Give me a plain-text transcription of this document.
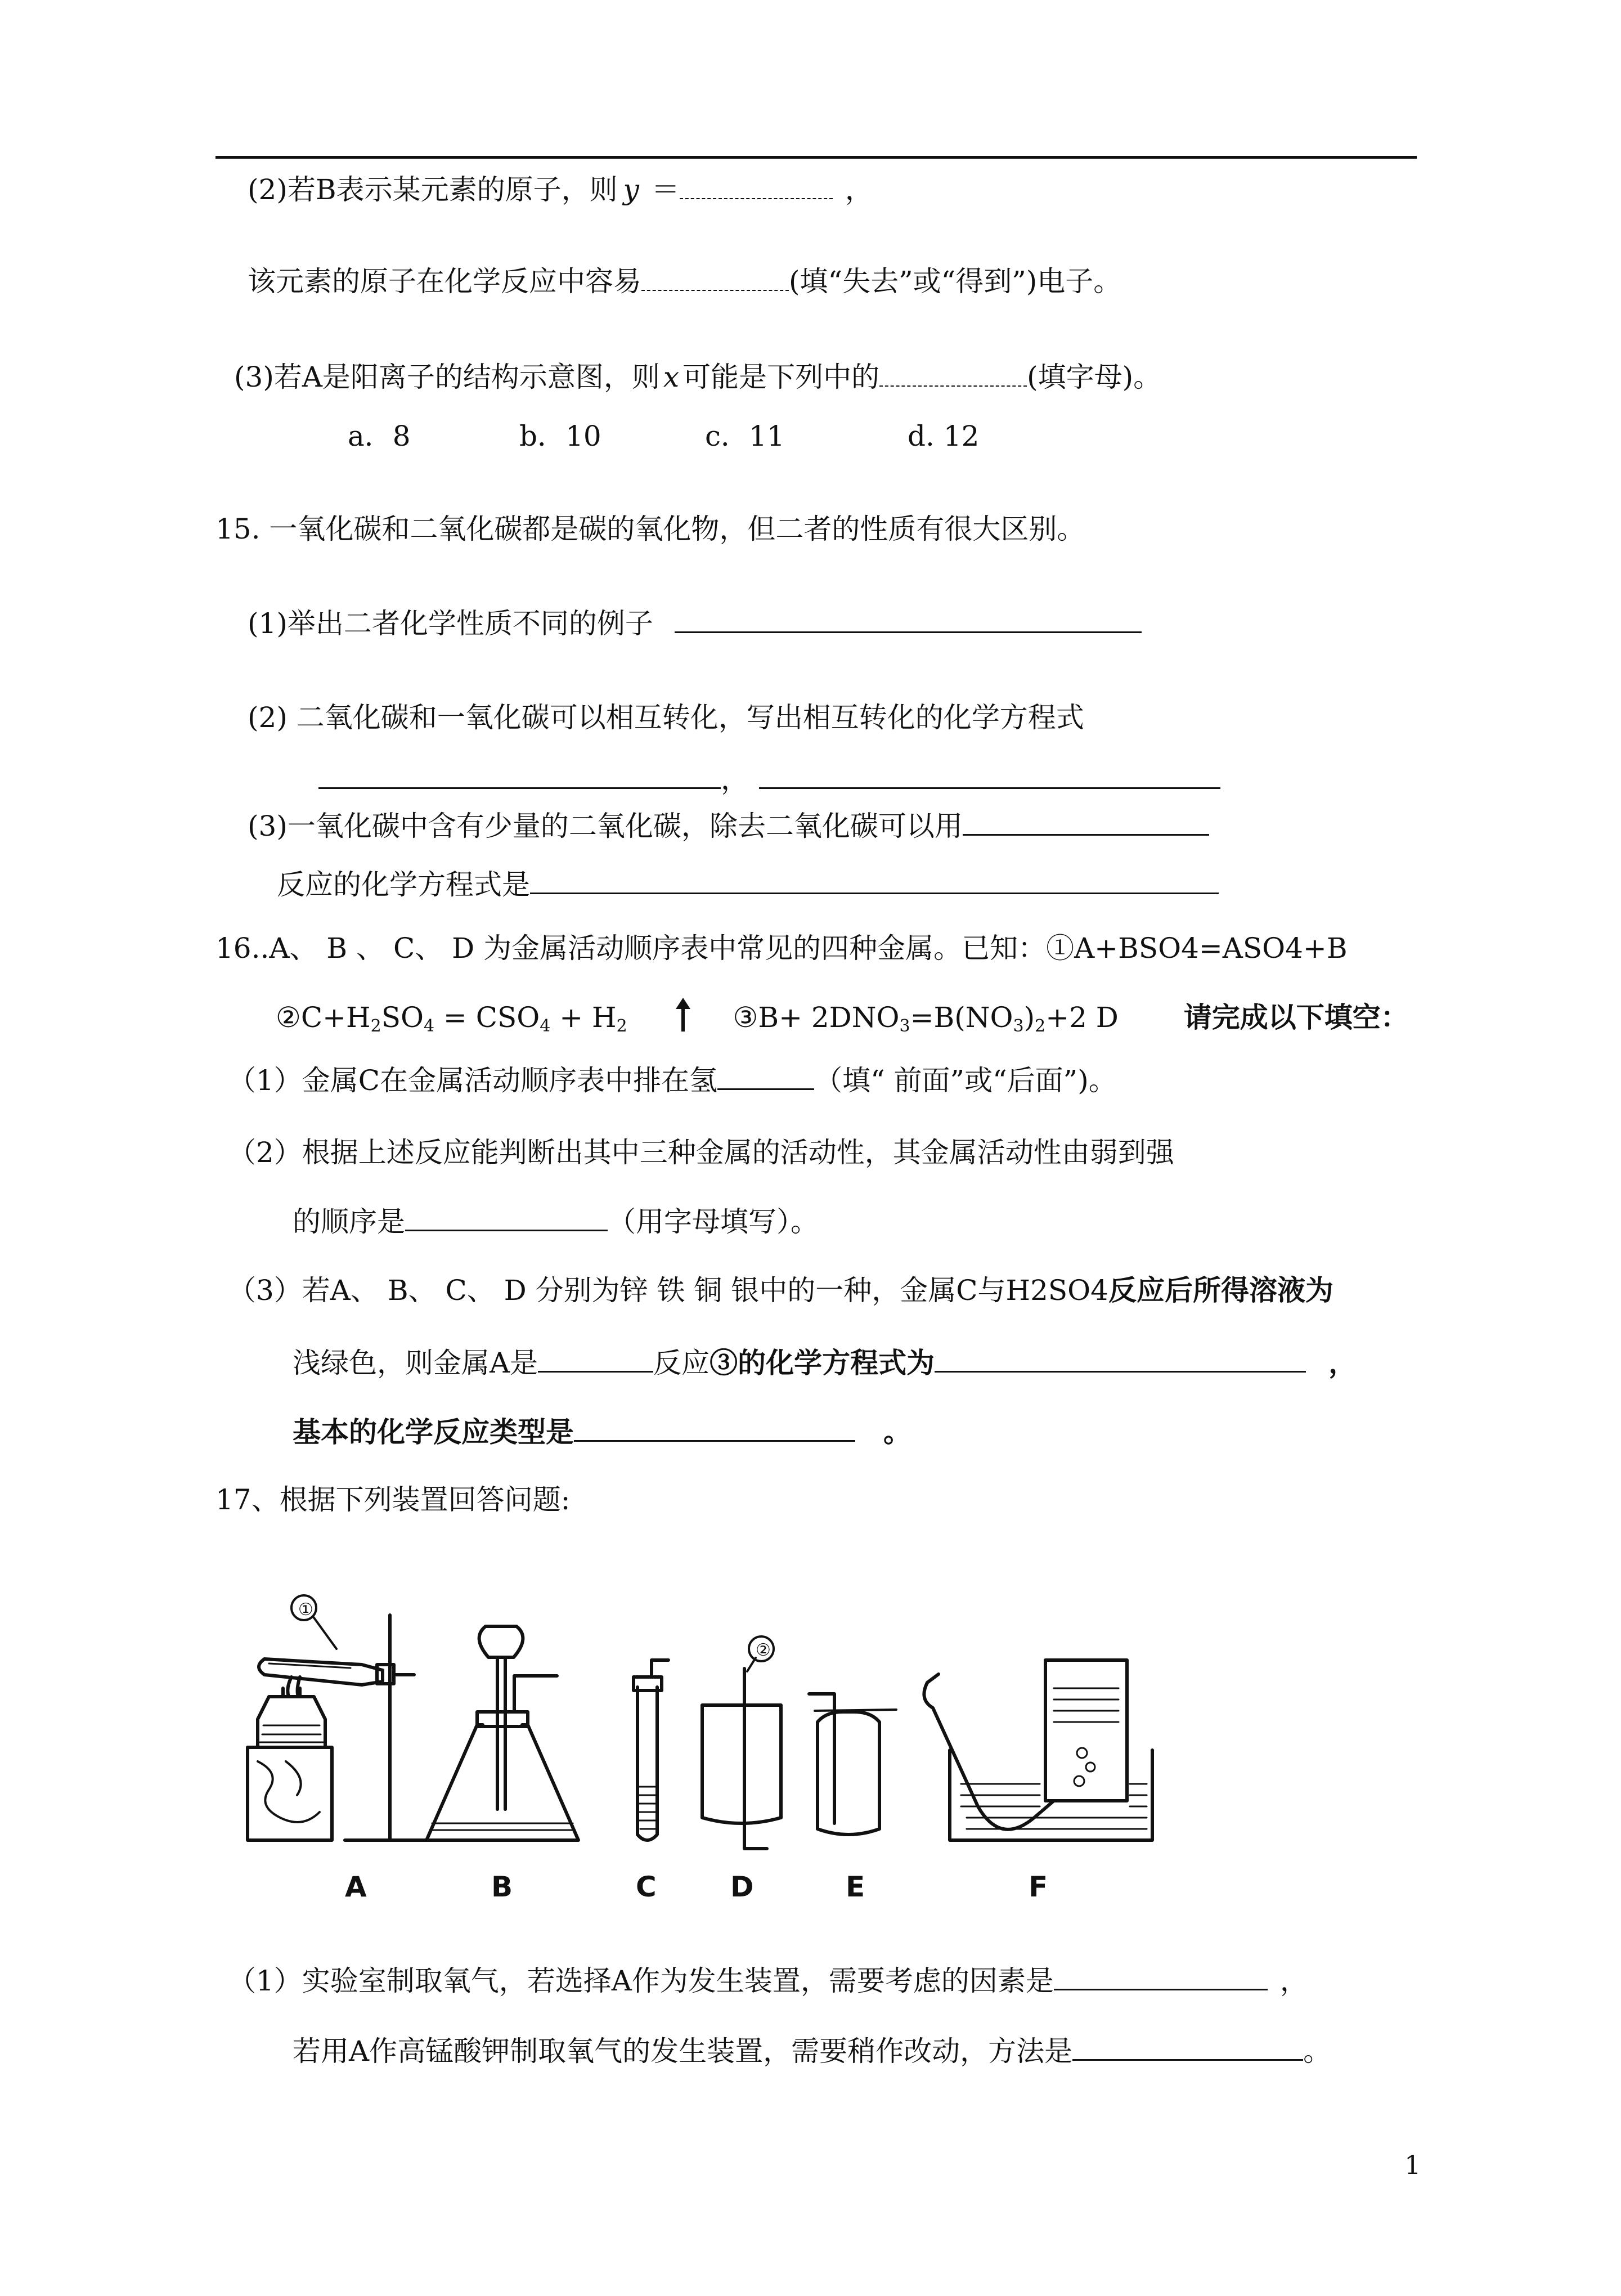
(2)若B表示某元素的原子，则 y ＝	，
该元素的原子在化学反应中容易	(填“失去”或“得到”)电子。
(3)若A是阳离子的结构示意图，则 x 可能是下列中的	(填字母)。
a．8	b．10	c．11	d. 12
15. 一氧化碳和二氧化碳都是碳的氧化物，但二者的性质有很大区别。
(1)举出二者化学性质不同的例子
(2) 二氧化碳和一氧化碳可以相互转化，写出相互转化的化学方程式
，
(3)一氧化碳中含有少量的二氧化碳，除去二氧化碳可以用
反应的化学方程式是
16..A、 B 、 C、 D 为金属活动顺序表中常见的四种金属。已知：①A+BSO4=ASO4+B
$②C+H_2SO_4 = CSO_4 + H_2$	③B+ $2DNO_3=B(NO_3)_2+2$ D 请完成以下填空：
（1）金属C在金属活动顺序表中排在氢	（填“ 前面”或“后面”)。
（2）根据上述反应能判断出其中三种金属的活动性，其金属活动性由弱到强
的顺序是	（用字母填写）。
（3）若A、 B、 C、 D 分别为锌 铁 铜 银中的一种，金属C与H2SO4反应后所得溶液为
浅绿色，则金属A是	反应③的化学方程式为	，
基本的化学反应类型是	。
17、根据下列装置回答问题:
①
②
A	B	C	D	E	F
（1）实验室制取氧气，若选择A作为发生装置，需要考虑的因素是	，
若用A作高锰酸钾制取氧气的发生装置，需要稍作改动，方法是	。
1
